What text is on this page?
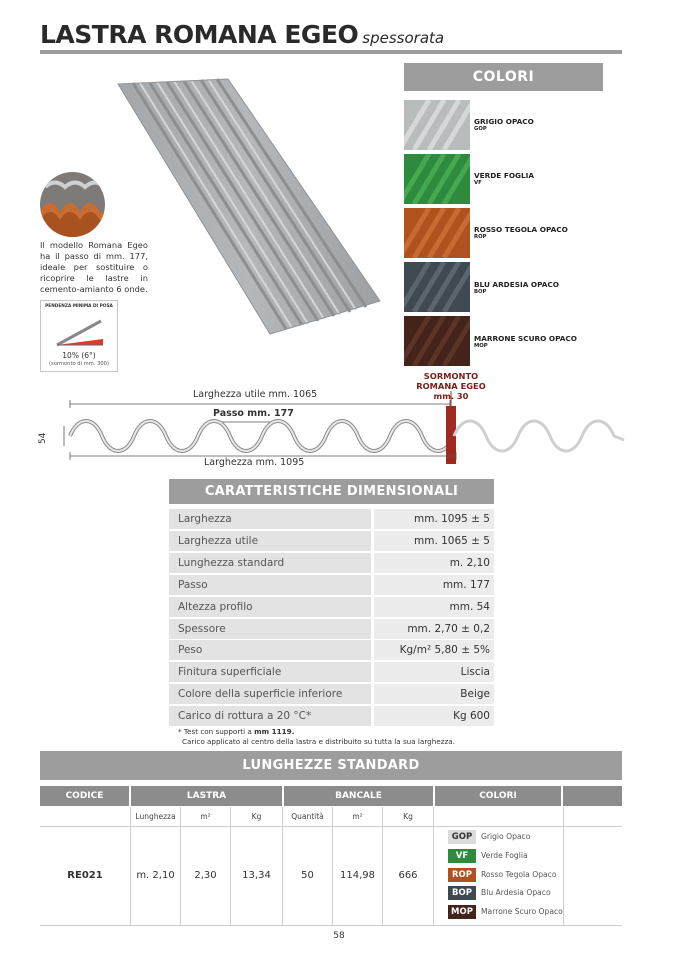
LASTRA ROMANA EGEO spessorata
Il modello Romana Egeo ha il passo di mm. 177, ideale per sostituire o ricoprire le lastre in cemento-amianto 6 onde.
PENDENZA MINIMA DI POSA
10% (6°)
(sormonto di mm. 300)
COLORI
GRIGIO OPACO
GOP
VERDE FOGLIA
VF
ROSSO TEGOLA OPACO
ROP
BLU ARDESIA OPACO
BOP
MARRONE SCURO OPACO
MOP
SORMONTO ROMANA EGEO mm. 30
Larghezza utile mm. 1065
Passo mm. 177
Larghezza mm. 1095
54
CARATTERISTICHE DIMENSIONALI
Larghezza	mm. 1095 ± 5
Larghezza utile	mm. 1065 ± 5
Lunghezza standard	m. 2,10
Passo	mm. 177
Altezza profilo	mm. 54
Spessore	mm. 2,70 ± 0,2
Peso	Kg/m² 5,80 ± 5%
Finitura superficiale	Liscia
Colore della superficie inferiore	Beige
Carico di rottura a 20 °C*	Kg 600
* Test con supporti a mm 1119.
Carico applicato al centro della lastra e distribuito su tutta la sua larghezza.
LUNGHEZZE STANDARD
CODICE	LASTRA	BANCALE	COLORI
Lunghezza	m²	Kg	Quantità	m²	Kg
RE021	m. 2,10	2,30	13,34	50	114,98	666
GOP	Grigio Opaco
VF	Verde Foglia
ROP	Rosso Tegola Opaco
BOP	Blu Ardesia Opaco
MOP	Marrone Scuro Opaco
58
